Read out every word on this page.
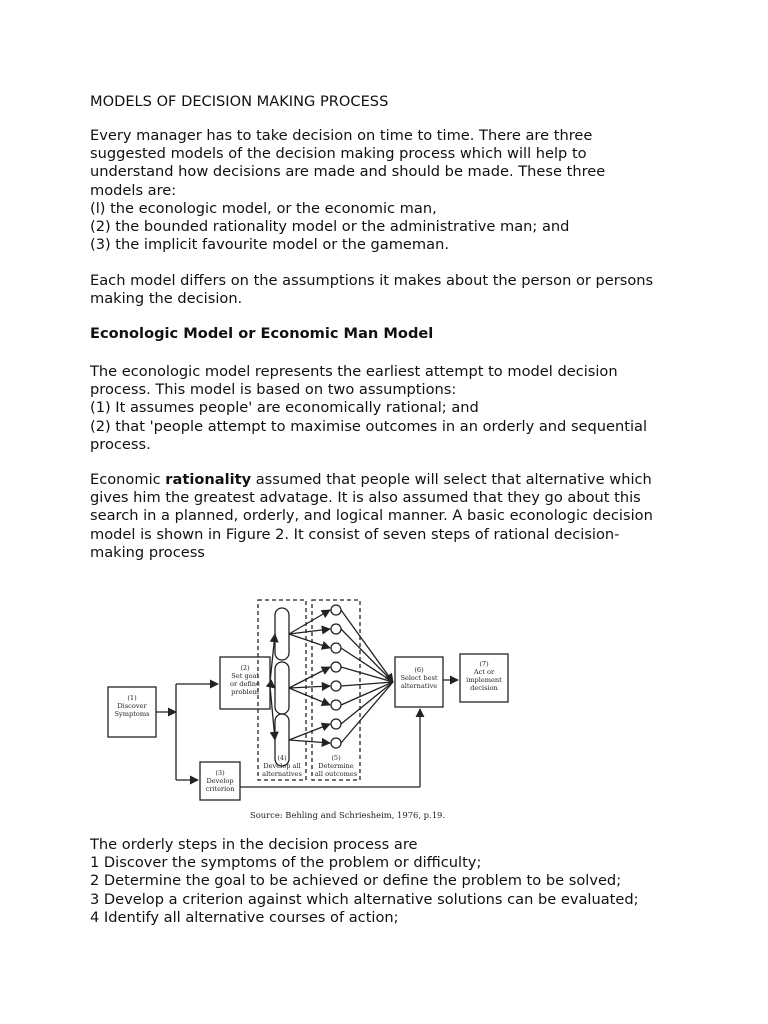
MODELS OF DECISION MAKING PROCESS

Every manager has to take decision on time to time. There are three
suggested models of the decision making process which will help to
understand how decisions are made and should be made. These three
models are:
(l) the econologic model, or the economic man,
(2) the bounded rationality model or the administrative man; and
(3) the implicit favourite model or the gameman.

Each model differs on the assumptions it makes about the person or persons
making the decision.

Econologic Model or Economic Man Model

The econologic model represents the earliest attempt to model decision
process. This model is based on two assumptions:
(1) It assumes people' are economically rational; and
(2) that 'people attempt to maximise outcomes in an orderly and sequential
process.

Economic rationality assumed that people will select that alternative which
gives him the greatest advatage. It is also assumed that they go about this
search in a planned, orderly, and logical manner. A basic econologic decision
model is shown in Figure 2. It consist of seven steps of rational decision-
making process

(1)
Discover
Symptoms
(2)
Set goal
or define
problem
(3)
Develop
criterion
(4)
Develop all
alternatives
(5)
Determine
all outcomes
(6)
Select best
alternative
(7)
Act or
implement
decision
Source: Behling and Schriesheim, 1976, p.19.

The orderly steps in the decision process are
1 Discover the symptoms of the problem or difficulty;
2 Determine the goal to be achieved or define the problem to be solved;
3 Develop a criterion against which alternative solutions can be evaluated;
4 Identify all alternative courses of action;
